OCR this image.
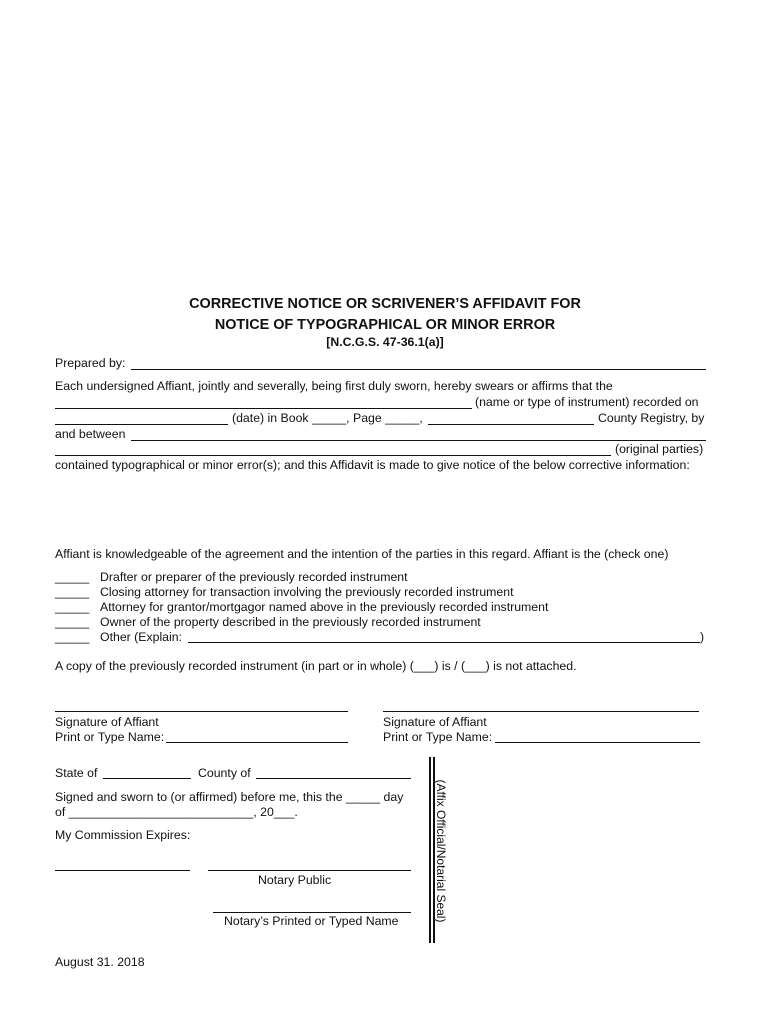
CORRECTIVE NOTICE OR SCRIVENER’S AFFIDAVIT FOR
NOTICE OF TYPOGRAPHICAL OR MINOR ERROR
[N.C.G.S. 47-36.1(a)]
Prepared by:
Each undersigned Affiant, jointly and severally, being first duly sworn, hereby swears or affirms that the
(name or type of instrument) recorded on
(date) in Book _____, Page _____,	County Registry, by
and between
(original parties)
contained typographical or minor error(s); and this Affidavit is made to give notice of the below corrective information:
Affiant is knowledgeable of the agreement and the intention of the parties in this regard. Affiant is the (check one)
_____ Drafter or preparer of the previously recorded instrument
_____ Closing attorney for transaction involving the previously recorded instrument
_____ Attorney for grantor/mortgagor named above in the previously recorded instrument
_____ Owner of the property described in the previously recorded instrument
_____ Other (Explain:	)
A copy of the previously recorded instrument (in part or in whole) (___) is / (___) is not attached.
Signature of Affiant
Print or Type Name:
Signature of Affiant
Print or Type Name:
State of	County of
Signed and sworn to (or affirmed) before me, this the _____ day
of ___________________________, 20___.
My Commission Expires:
Notary Public
Notary’s Printed or Typed Name	(Affix Official/Notarial Seal)
August 31. 2018
